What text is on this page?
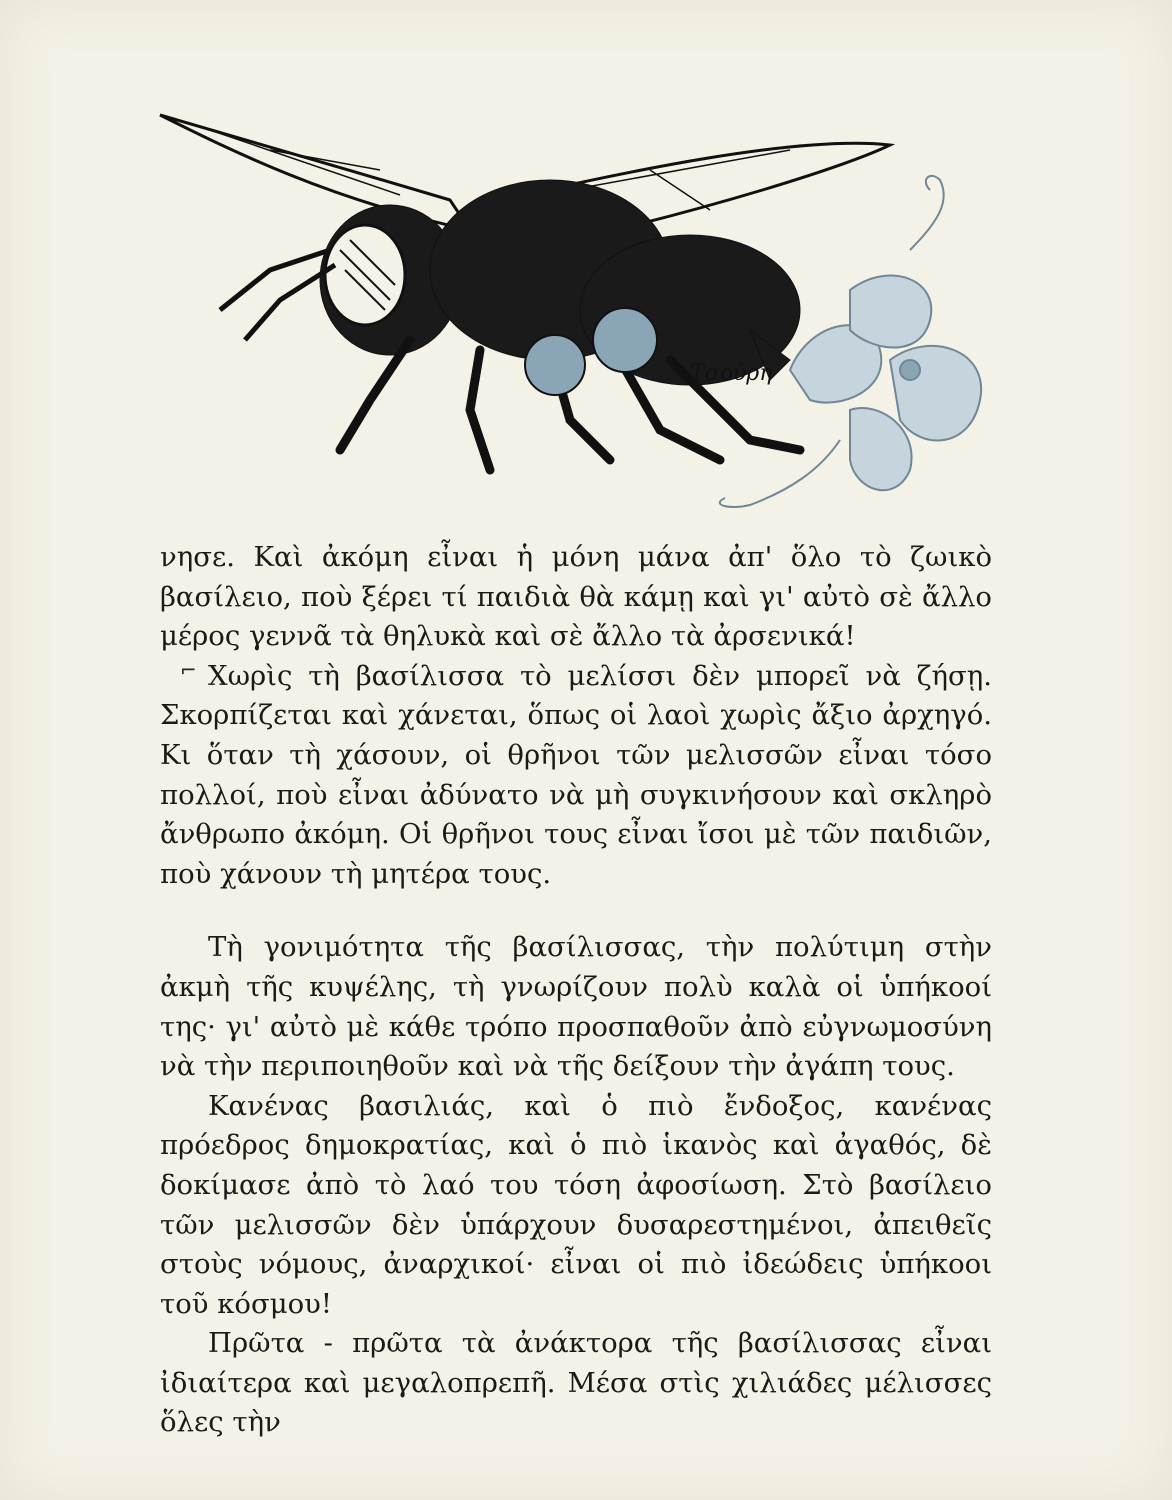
Τσούρη

νησε. Καὶ ἀκόμη εἶναι ἡ μόνη μάνα ἀπ' ὅλο τὸ ζωικὸ βασίλειο, ποὺ ξέρει τί παιδιὰ θὰ κάμῃ καὶ γι' αὐτὸ σὲ ἄλλο μέρος γεννᾶ τὰ θηλυκὰ καὶ σὲ ἄλλο τὰ ἀρσενικά!

Χωρὶς τὴ βασίλισσα τὸ μελίσσι δὲν μπορεῖ νὰ ζήσῃ. Σκορπίζεται καὶ χάνεται, ὅπως οἱ λαοὶ χωρὶς ἄξιο ἀρχηγό. Κι ὅταν τὴ χάσουν, οἱ θρῆνοι τῶν μελισσῶν εἶναι τόσο πολλοί, ποὺ εἶναι ἀδύνατο νὰ μὴ συγκινήσουν καὶ σκληρὸ ἄνθρωπο ἀκόμη. Οἱ θρῆνοι τους εἶναι ἴσοι μὲ τῶν παιδιῶν, ποὺ χάνουν τὴ μητέρα τους.

Τὴ γονιμότητα τῆς βασίλισσας, τὴν πολύτιμη στὴν ἀκμὴ τῆς κυψέλης, τὴ γνωρίζουν πολὺ καλὰ οἱ ὑπήκοοί της· γι' αὐτὸ μὲ κάθε τρόπο προσπαθοῦν ἀπὸ εὐγνωμοσύνη νὰ τὴν περιποιηθοῦν καὶ νὰ τῆς δείξουν τὴν ἀγάπη τους.

Κανένας βασιλιάς, καὶ ὁ πιὸ ἔνδοξος, κανένας πρόεδρος δημοκρατίας, καὶ ὁ πιὸ ἱκανὸς καὶ ἀγαθός, δὲ δοκίμασε ἀπὸ τὸ λαό του τόση ἀφοσίωση. Στὸ βασίλειο τῶν μελισσῶν δὲν ὑπάρχουν δυσαρεστημένοι, ἀπειθεῖς στοὺς νόμους, ἀναρχικοί· εἶναι οἱ πιὸ ἰδεώδεις ὑπήκοοι τοῦ κόσμου!

Πρῶτα - πρῶτα τὰ ἀνάκτορα τῆς βασίλισσας εἶναι ἰδιαίτερα καὶ μεγαλοπρεπῆ. Μέσα στὶς χιλιάδες μέλισσες ὅλες τὴν

⌐
